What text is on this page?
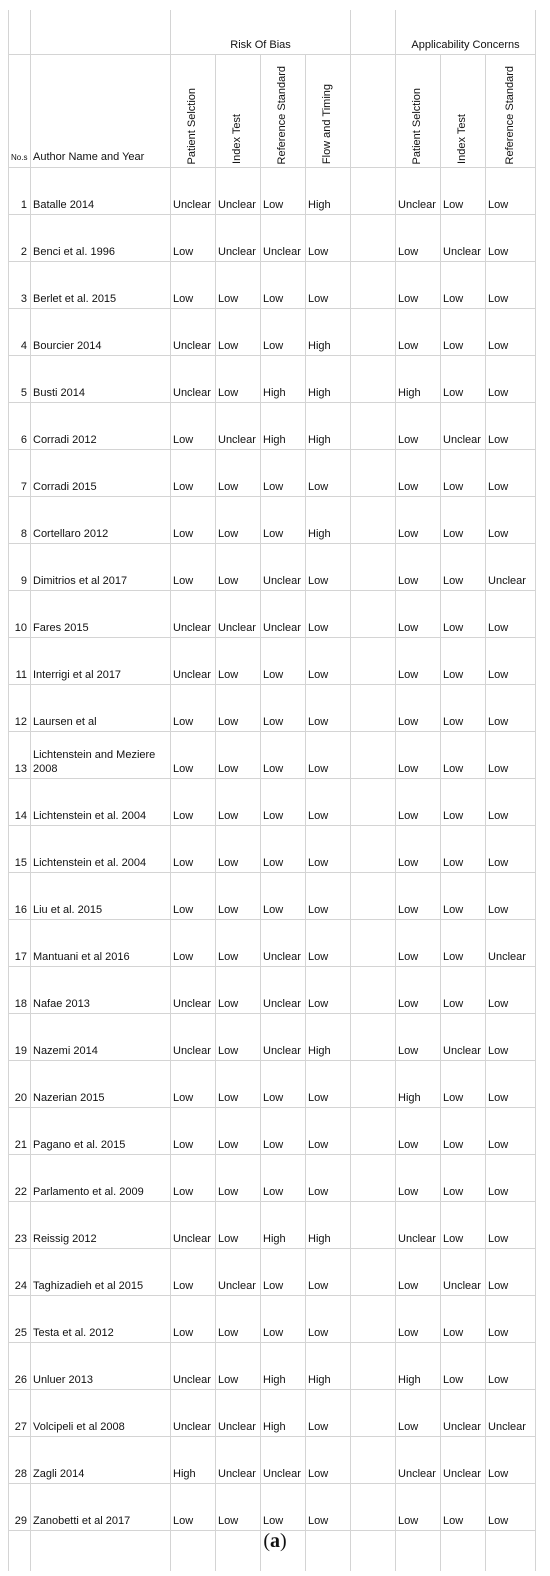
		Risk Of Bias					Applicability Concerns		

No.s	Author Name and Year	Patient Selction	Index Test	Reference Standard	Flow and Timing		Patient Selction	Index Test	Reference Standard

1	Batalle 2014	Unclear	Unclear	Low	High		Unclear	Low	Low
2	Benci et al. 1996	Low	Unclear	Unclear	Low		Low	Unclear	Low
3	Berlet et al. 2015	Low	Low	Low	Low		Low	Low	Low
4	Bourcier 2014	Unclear	Low	Low	High		Low	Low	Low
5	Busti 2014	Unclear	Low	High	High		High	Low	Low
6	Corradi 2012	Low	Unclear	High	High		Low	Unclear	Low
7	Corradi 2015	Low	Low	Low	Low		Low	Low	Low
8	Cortellaro 2012	Low	Low	Low	High		Low	Low	Low
9	Dimitrios et al 2017	Low	Low	Unclear	Low		Low	Low	Unclear
10	Fares 2015	Unclear	Unclear	Unclear	Low		Low	Low	Low
11	Interrigi et al 2017	Unclear	Low	Low	Low		Low	Low	Low
12	Laursen et al	Low	Low	Low	Low		Low	Low	Low
13	Lichtenstein and Meziere 2008	Low	Low	Low	Low		Low	Low	Low
14	Lichtenstein et al. 2004	Low	Low	Low	Low		Low	Low	Low
15	Lichtenstein et al. 2004	Low	Low	Low	Low		Low	Low	Low
16	Liu et al. 2015	Low	Low	Low	Low		Low	Low	Low
17	Mantuani et al 2016	Low	Low	Unclear	Low		Low	Low	Unclear
18	Nafae 2013	Unclear	Low	Unclear	Low		Low	Low	Low
19	Nazemi 2014	Unclear	Low	Unclear	High		Low	Unclear	Low
20	Nazerian 2015	Low	Low	Low	Low		High	Low	Low
21	Pagano et al. 2015	Low	Low	Low	Low		Low	Low	Low
22	Parlamento et al. 2009	Low	Low	Low	Low		Low	Low	Low
23	Reissig 2012	Unclear	Low	High	High		Unclear	Low	Low
24	Taghizadieh et al 2015	Low	Unclear	Low	Low		Low	Unclear	Low
25	Testa et al. 2012	Low	Low	Low	Low		Low	Low	Low
26	Unluer 2013	Unclear	Low	High	High		High	Low	Low
27	Volcipeli et al 2008	Unclear	Unclear	High	Low		Low	Unclear	Unclear
28	Zagli 2014	High	Unclear	Unclear	Low		Unclear	Unclear	Low
29	Zanobetti et al 2017	Low	Low	Low	Low		Low	Low	Low

(a)
